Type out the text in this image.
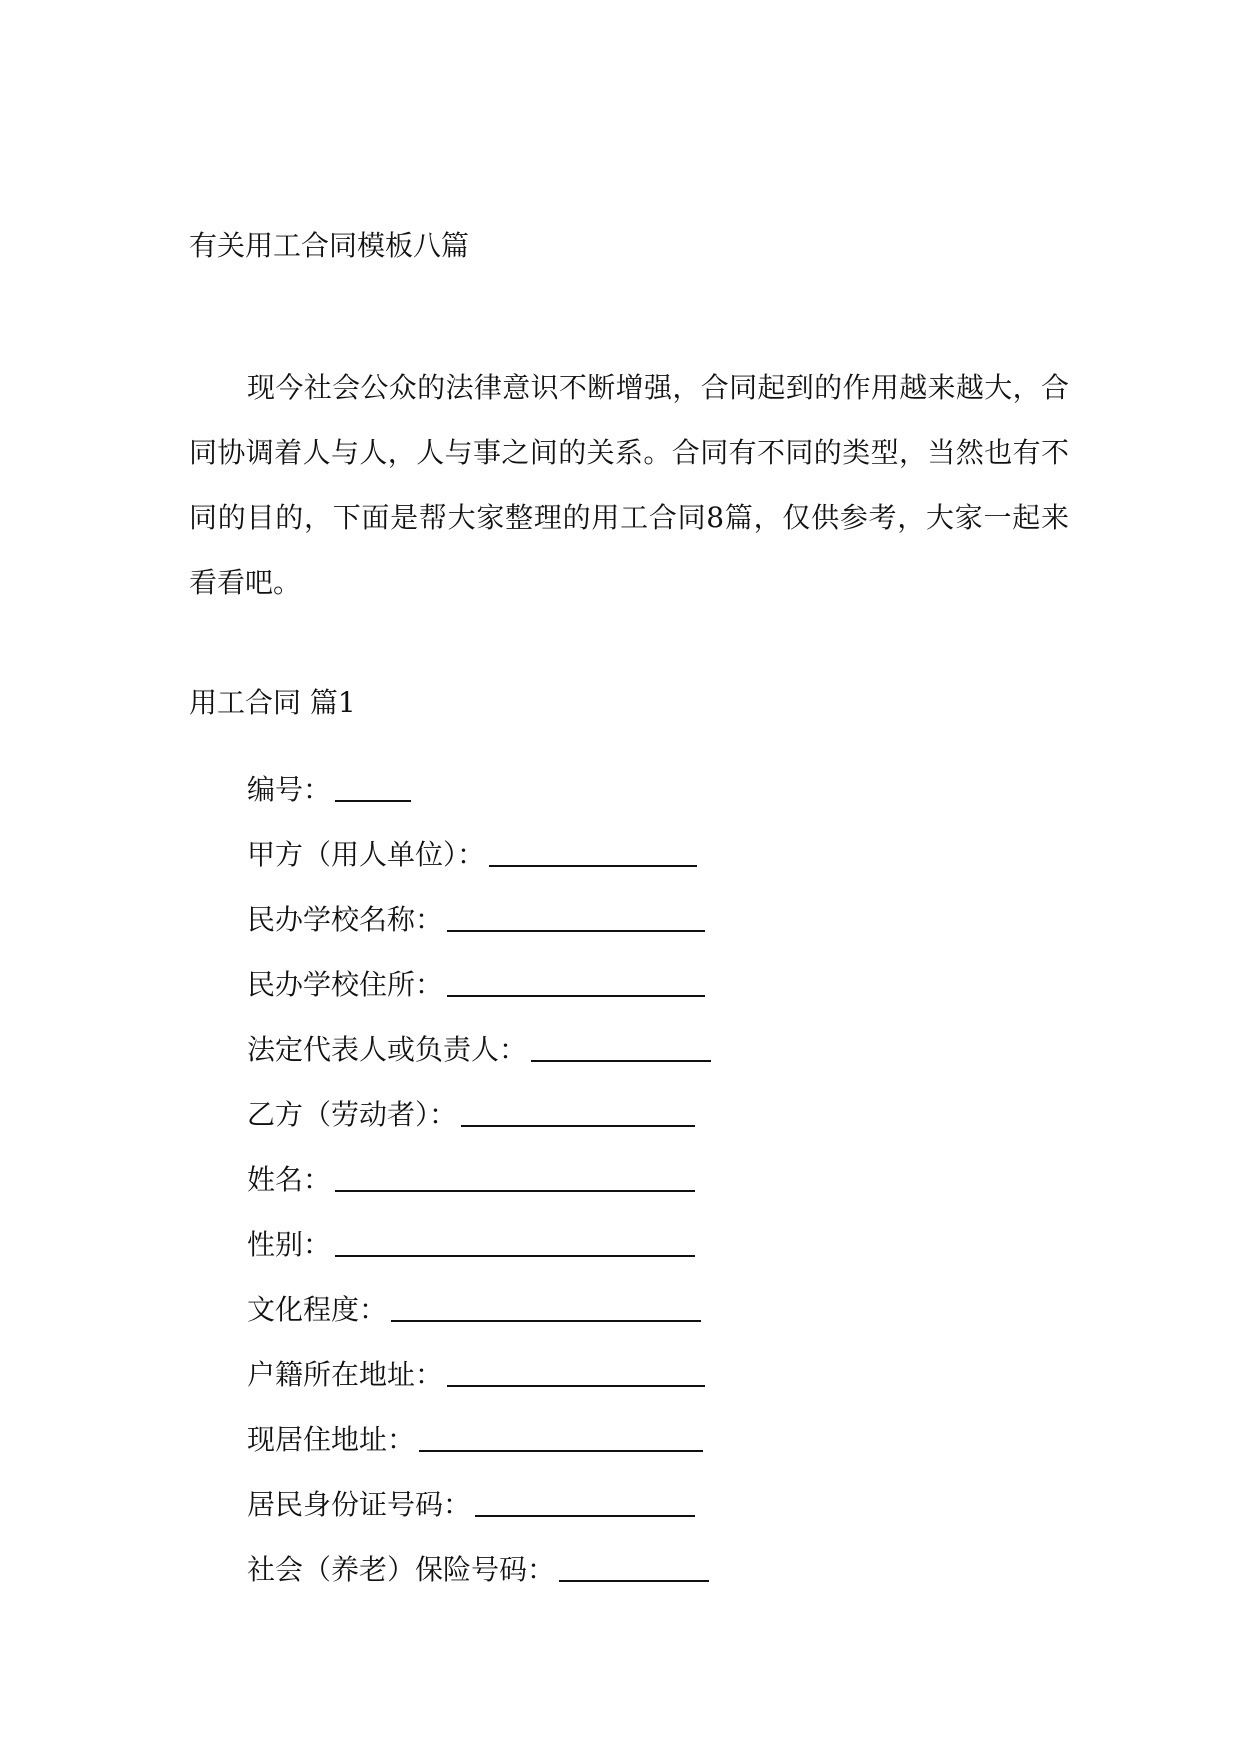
有关用工合同模板八篇

现今社会公众的法律意识不断增强，合同起到的作用越来越大，合同协调着人与人，人与事之间的关系。合同有不同的类型，当然也有不同的目的，下面是帮大家整理的用工合同8篇，仅供参考，大家一起来看看吧。

用工合同 篇1
编号：
甲方（用人单位）：
民办学校名称：
民办学校住所：
法定代表人或负责人：
乙方（劳动者）：
姓名：
性别：
文化程度：
户籍所在地址：
现居住地址：
居民身份证号码：
社会（养老）保险号码：
